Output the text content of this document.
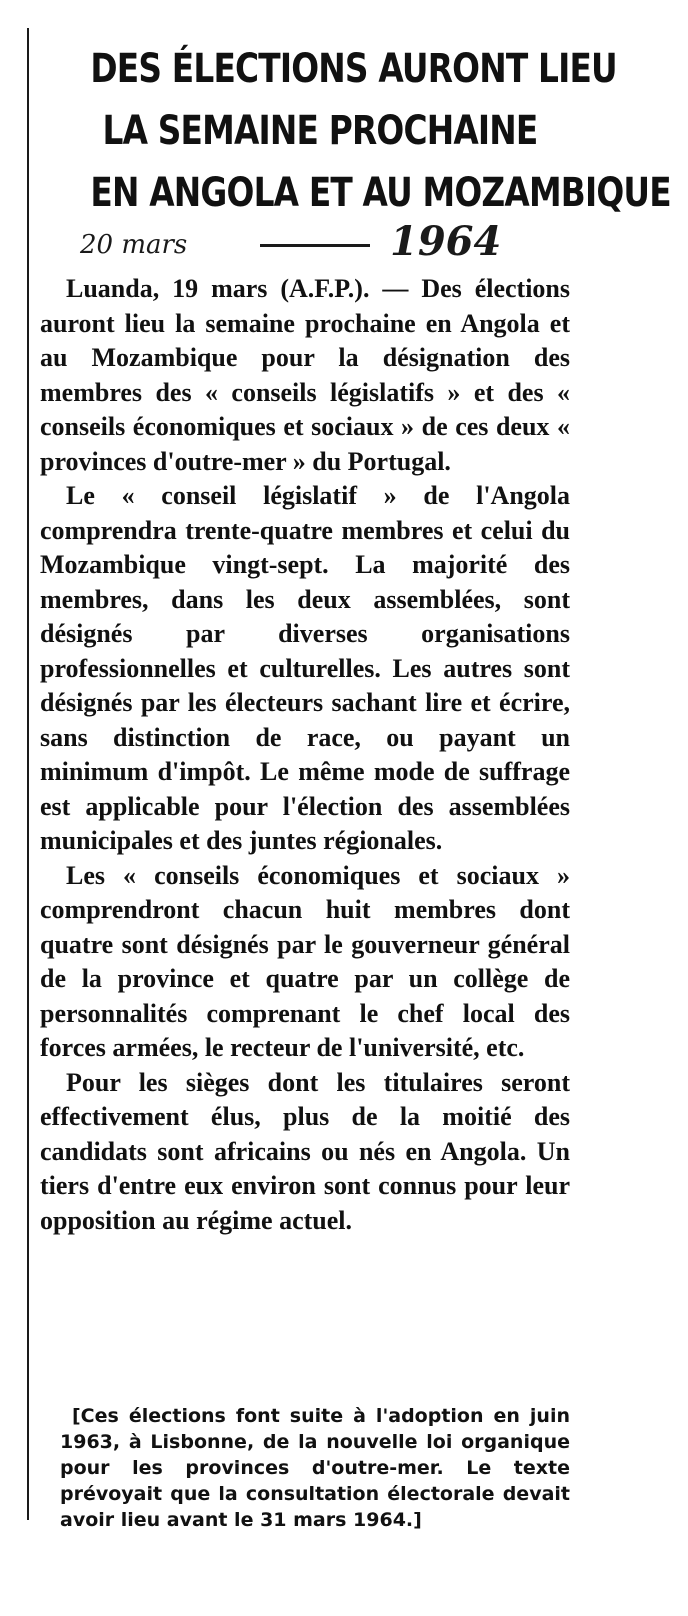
DES ÉLECTIONS AURONT LIEU
LA SEMAINE PROCHAINE
EN ANGOLA ET AU MOZAMBIQUE
20 mars	1964

Luanda, 19 mars (A.F.P.). — Des élections auront lieu la semaine prochaine en Angola et au Mozambique pour la désignation des membres des « conseils législatifs » et des « conseils économiques et sociaux » de ces deux « provinces d'outre-mer » du Portugal.

Le « conseil législatif » de l'Angola comprendra trente-quatre membres et celui du Mozambique vingt-sept. La majorité des membres, dans les deux assemblées, sont désignés par diverses organisations professionnelles et culturelles. Les autres sont désignés par les électeurs sachant lire et écrire, sans distinction de race, ou payant un minimum d'impôt. Le même mode de suffrage est applicable pour l'élection des assemblées municipales et des juntes régionales.

Les « conseils économiques et sociaux » comprendront chacun huit membres dont quatre sont désignés par le gouverneur général de la province et quatre par un collège de personnalités comprenant le chef local des forces armées, le recteur de l'université, etc.

Pour les sièges dont les titulaires seront effectivement élus, plus de la moitié des candidats sont africains ou nés en Angola. Un tiers d'entre eux environ sont connus pour leur opposition au régime actuel.

[Ces élections font suite à l'adoption en juin 1963, à Lisbonne, de la nouvelle loi organique pour les provinces d'outre-mer. Le texte prévoyait que la consultation électorale devait avoir lieu avant le 31 mars 1964.]
